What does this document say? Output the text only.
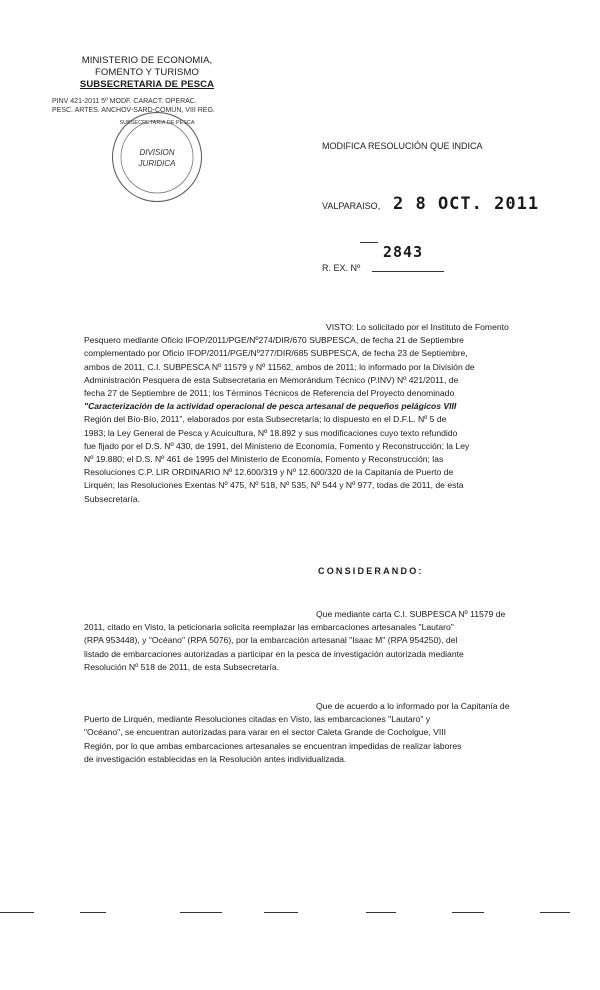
MINISTERIO DE ECONOMIA,
FOMENTO Y TURISMO
SUBSECRETARIA DE PESCA
PINV 421-2011 5º MODF. CARACT. OPERAC.
PESC. ARTES. ANCHOV-SARD-COMUN, VIII REG.
SUBSECRETARIA DE PESCA
DIVISION
JURIDICA
MODIFICA RESOLUCIÓN QUE INDICA
VALPARAISO, 2 8 OCT. 2011
2843
R. EX. Nº
VISTO: Lo solicitado por el Instituto de Fomento
Pesquero mediante Oficio IFOP/2011/PGE/Nº274/DIR/670 SUBPESCA, de fecha 21 de Septiembre
complementado por Oficio IFOP/2011/PGE/Nº277/DIR/685 SUBPESCA, de fecha 23 de Septiembre,
ambos de 2011, C.I. SUBPESCA Nº 11579 y Nº 11562, ambos de 2011; lo informado por la División de
Administración Pesquera de esta Subsecretaria en Memorándum Técnico (P.INV) Nº 421/2011, de
fecha 27 de Septiembre de 2011; los Términos Técnicos de Referencia del Proyecto denominado
"Caracterización de la actividad operacional de pesca artesanal de pequeños pelágicos VIII
Región del Bío-Bío, 2011", elaborados por esta Subsecretaría; lo dispuesto en el D.F.L. Nº 5 de
1983; la Ley General de Pesca y Acuicultura, Nº 18.892 y sus modificaciones cuyo texto refundido
fue fijado por el D.S. Nº 430, de 1991, del Ministerio de Economía, Fomento y Reconstrucción; la Ley
Nº 19.880; el D.S. Nº 461 de 1995 del Ministerio de Economía, Fomento y Reconstrucción; las
Resoluciones C.P. LIR ORDINARIO Nº 12.600/319 y Nº 12.600/320 de la Capitanía de Puerto de
Lirquén; las Resoluciones Exentas Nº 475, Nº 518, Nº 535, Nº 544 y Nº 977, todas de 2011, de esta
Subsecretaría.
CONSIDERANDO:
Que mediante carta C.I. SUBPESCA Nº 11579 de
2011, citado en Visto, la peticionaria solicita reemplazar las embarcaciones artesanales "Lautaro"
(RPA 953448), y "Océano" (RPA 5076), por la embarcación artesanal "Isaac M" (RPA 954250), del
listado de embarcaciones autorizadas a participar en la pesca de investigación autorizada mediante
Resolución Nº 518 de 2011, de esta Subsecretaría.
Que de acuerdo a lo informado por la Capitanía de
Puerto de Lirquén, mediante Resoluciones citadas en Visto, las embarcaciones "Lautaro" y
"Océano", se encuentran autorizadas para varar en el sector Caleta Grande de Cocholgue, VIII
Región, por lo que ambas embarcaciones artesanales se encuentran impedidas de realizar labores
de investigación establecidas en la Resolución antes individualizada.
